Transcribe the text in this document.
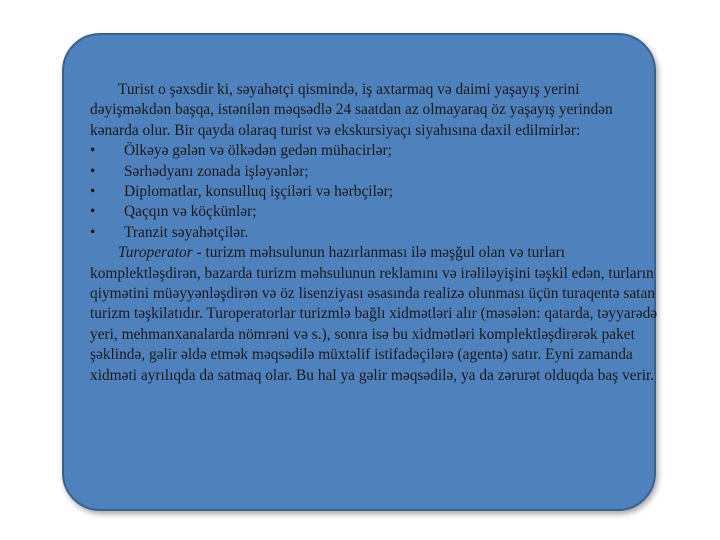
Turist o şəxsdir ki, səyahətçi qismində, iş axtarmaq və daimi yaşayış yerini dəyişməkdən başqa, istənilən məqsədlə 24 saatdan az olmayaraq öz yaşayış yerindən kənarda olur. Bir qayda olaraq turist və ekskursiyaçı siyahısına daxil edilmirlər:

• Ölkəyə gələn və ölkədən gedən mühacirlər;
• Sərhədyanı zonada işləyənlər;
• Diplomatlar, konsulluq işçiləri və hərbçilər;
• Qaçqın və köçkünlər;
• Tranzit səyahətçilər.

Turoperator - turizm məhsulunun hazırlanması ilə məşğul olan və turları komplektləşdirən, bazarda turizm məhsulunun reklamını və irəliləyişini təşkil edən, turların qiymətini müəyyənləşdirən və öz lisenziyası əsasında realizə olunması üçün turaqentə satan turizm təşkilatıdır. Turoperatorlar turizmlə bağlı xidmətləri alır (məsələn: qatarda, təyyarədə yeri, mehmanxanalarda nömrəni və s.), sonra isə bu xidmətləri komplektləşdirərək paket şəklində, gəlir əldə etmək məqsədilə müxtəlif istifadəçilərə (agentə) satır. Eyni zamanda xidməti ayrılıqda da satmaq olar. Bu hal ya gəlir məqsədilə, ya da zərurət olduqda baş verir.
